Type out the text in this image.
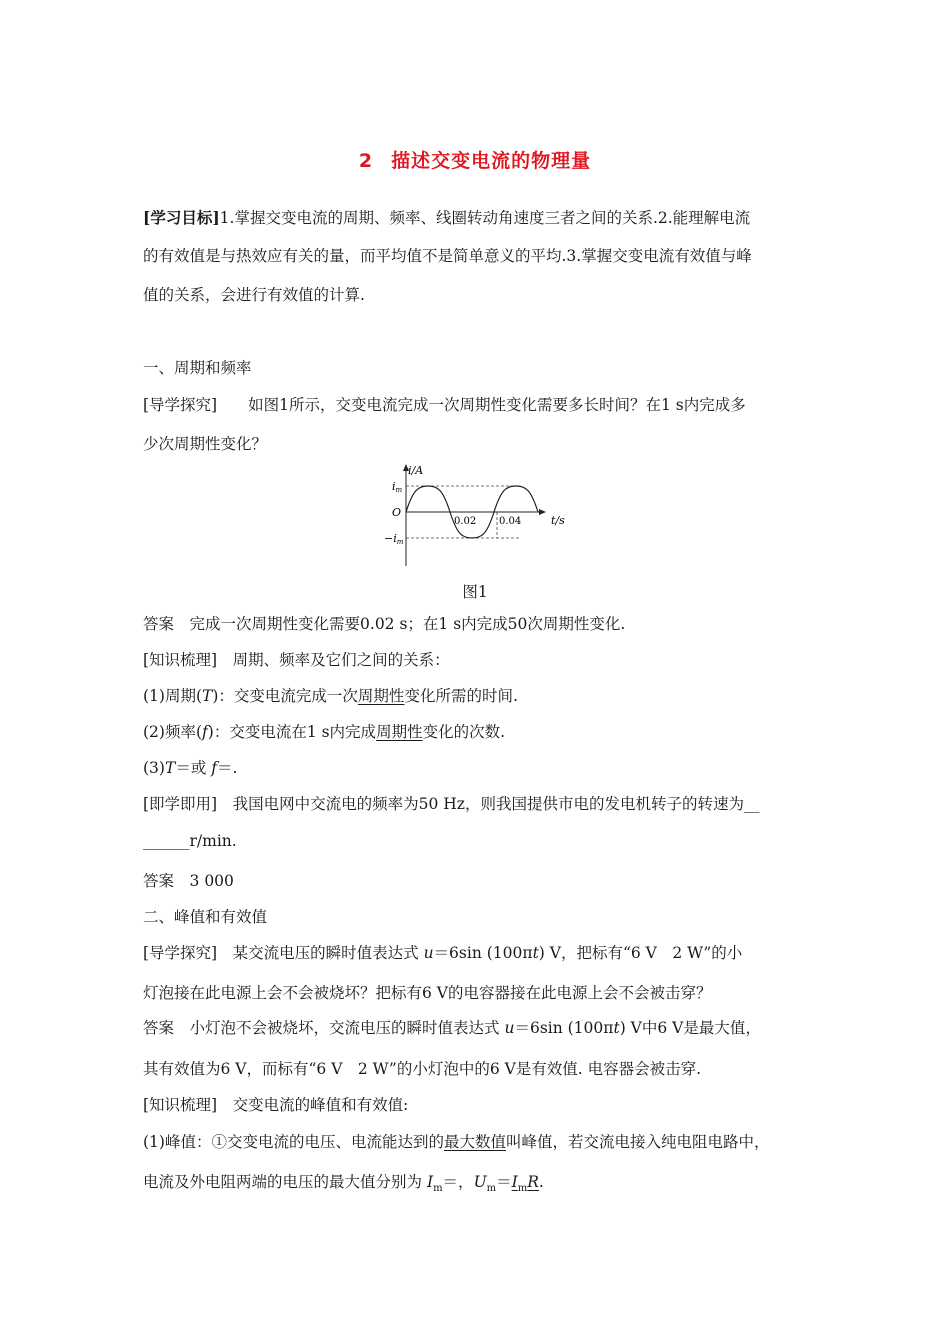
2 描述交变电流的物理量
[学习目标]1.掌握交变电流的周期、频率、线圈转动角速度三者之间的关系.2.能理解电流
的有效值是与热效应有关的量，而平均值不是简单意义的平均.3.掌握交变电流有效值与峰
值的关系，会进行有效值的计算.
一、周期和频率
[导学探究]　　如图1所示，交变电流完成一次周期性变化需要多长时间？在1 s内完成多
少次周期性变化？
i/A
t/s
O
im
−im
0.02 0.04
图1
答案　 完成一次周期性变化需要0.02 s；在1 s内完成50次周期性变化.
[知识梳理]　 周期、频率及它们之间的关系：
(1)周期(T)：交变电流完成一次周期性变化所需的时间.
(2)频率(f)：交变电流在1 s内完成周期性变化的次数.
(3)T＝或 f＝.
[即学即用]　 我国电网中交流电的频率为50 Hz，则我国提供市电的发电机转子的转速为__
______r/min.
答案　 3 000
二、峰值和有效值
[导学探究]　 某交流电压的瞬时值表达式 u＝6sin (100πt) V，把标有“6 V　2 W”的小
灯泡接在此电源上会不会被烧坏？把标有6 V的电容器接在此电源上会不会被击穿？
答案　 小灯泡不会被烧坏，交流电压的瞬时值表达式 u＝6sin (100πt) V中6 V是最大值，
其有效值为6 V，而标有“6 V　2 W”的小灯泡中的6 V是有效值. 电容器会被击穿.
[知识梳理]　 交变电流的峰值和有效值:
(1)峰值：①交变电流的电压、电流能达到的最大数值叫峰值，若交流电接入纯电阻电路中，
电流及外电阻两端的电压的最大值分别为 $I_m=$，$U_m=I_mR$.
